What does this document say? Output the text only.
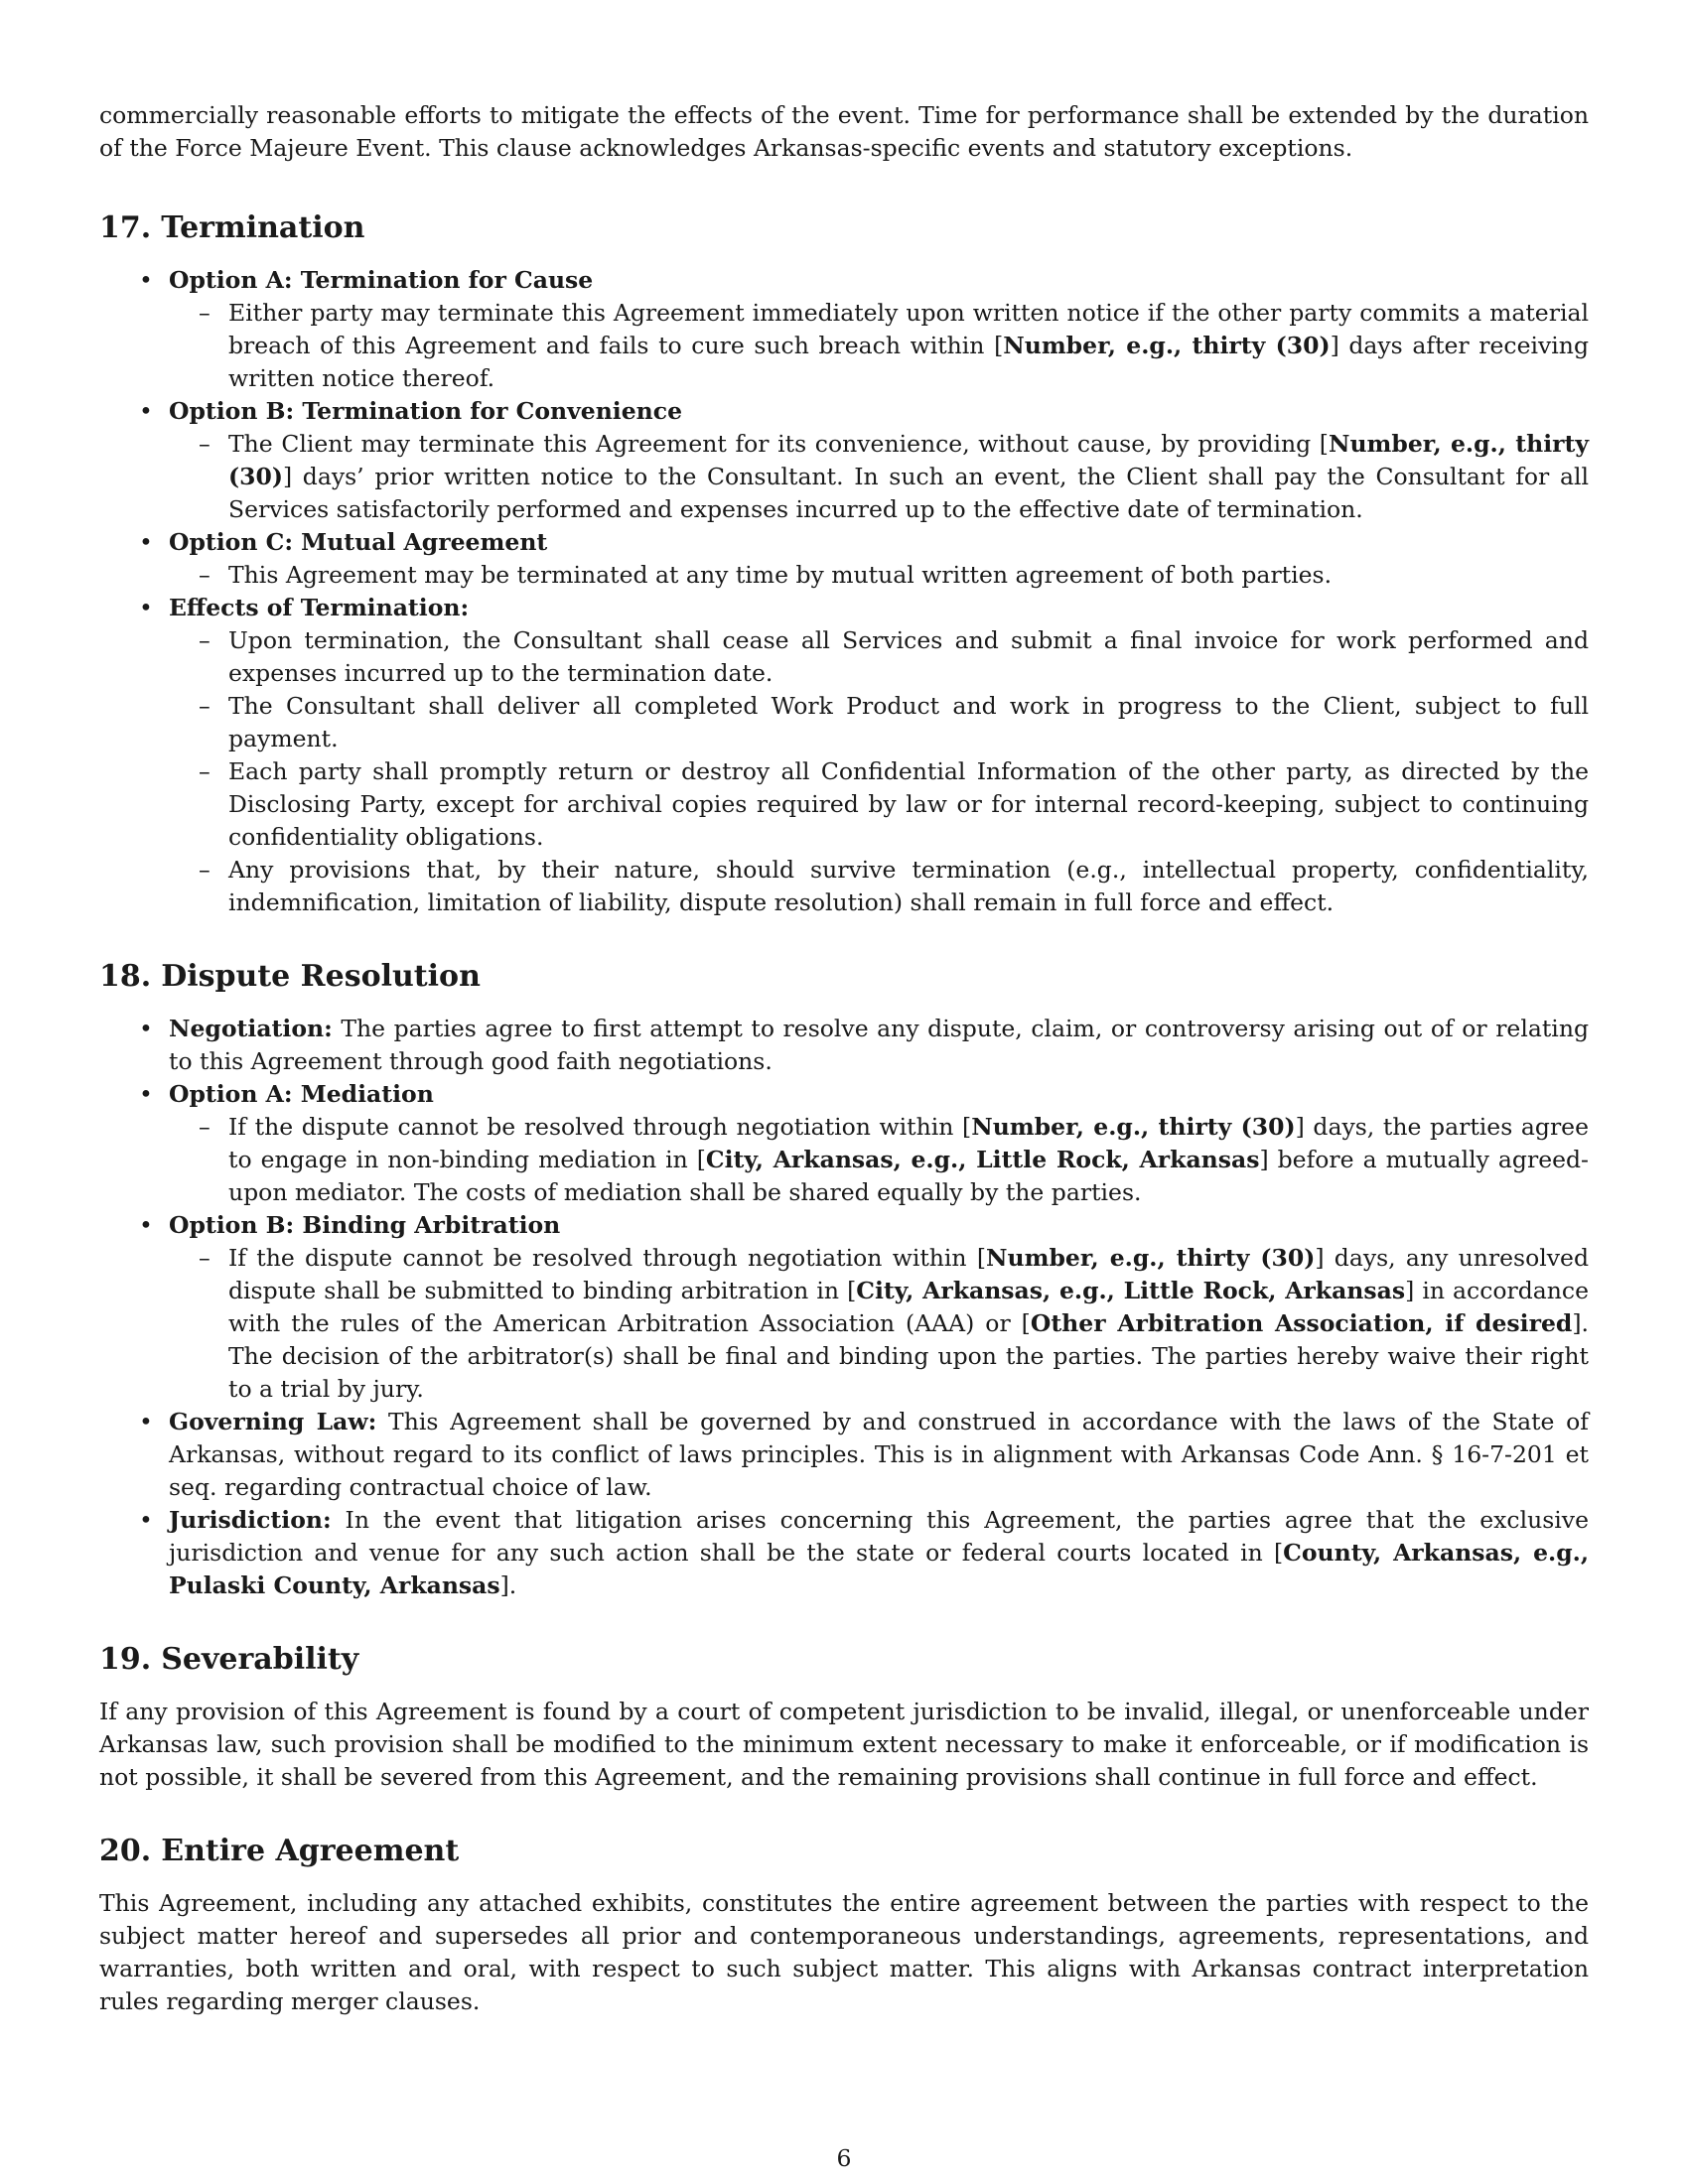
commercially reasonable efforts to mitigate the effects of the event. Time for performance shall be extended by the duration of the Force Majeure Event. This clause acknowledges Arkansas-specific events and statutory exceptions.

17. Termination
• Option A: Termination for Cause
– Either party may terminate this Agreement immediately upon written notice if the other party commits a material breach of this Agreement and fails to cure such breach within [Number, e.g., thirty (30)] days after receiving written notice thereof.
• Option B: Termination for Convenience
– The Client may terminate this Agreement for its convenience, without cause, by providing [Number, e.g., thirty (30)] days’ prior written notice to the Consultant. In such an event, the Client shall pay the Consultant for all Services satisfactorily performed and expenses incurred up to the effective date of termination.
• Option C: Mutual Agreement
– This Agreement may be terminated at any time by mutual written agreement of both parties.
• Effects of Termination:
– Upon termination, the Consultant shall cease all Services and submit a final invoice for work performed and expenses incurred up to the termination date.
– The Consultant shall deliver all completed Work Product and work in progress to the Client, subject to full payment.
– Each party shall promptly return or destroy all Confidential Information of the other party, as directed by the Disclosing Party, except for archival copies required by law or for internal record-keeping, subject to continuing confidentiality obligations.
– Any provisions that, by their nature, should survive termination (e.g., intellectual property, confidentiality, indemnification, limitation of liability, dispute resolution) shall remain in full force and effect.
18. Dispute Resolution
• Negotiation: The parties agree to first attempt to resolve any dispute, claim, or controversy arising out of or relating to this Agreement through good faith negotiations.
• Option A: Mediation
– If the dispute cannot be resolved through negotiation within [Number, e.g., thirty (30)] days, the parties agree to engage in non-binding mediation in [City, Arkansas, e.g., Little Rock, Arkansas] before a mutually agreed-upon mediator. The costs of mediation shall be shared equally by the parties.
• Option B: Binding Arbitration
– If the dispute cannot be resolved through negotiation within [Number, e.g., thirty (30)] days, any unresolved dispute shall be submitted to binding arbitration in [City, Arkansas, e.g., Little Rock, Arkansas] in accordance with the rules of the American Arbitration Association (AAA) or [Other Arbitration Association, if desired]. The decision of the arbitrator(s) shall be final and binding upon the parties. The parties hereby waive their right to a trial by jury.
• Governing Law: This Agreement shall be governed by and construed in accordance with the laws of the State of Arkansas, without regard to its conflict of laws principles. This is in alignment with Arkansas Code Ann. § 16-7-201 et seq. regarding contractual choice of law.
• Jurisdiction: In the event that litigation arises concerning this Agreement, the parties agree that the exclusive jurisdiction and venue for any such action shall be the state or federal courts located in [County, Arkansas, e.g., Pulaski County, Arkansas].
19. Severability

If any provision of this Agreement is found by a court of competent jurisdiction to be invalid, illegal, or unenforceable under Arkansas law, such provision shall be modified to the minimum extent necessary to make it enforceable, or if modification is not possible, it shall be severed from this Agreement, and the remaining provisions shall continue in full force and effect.

20. Entire Agreement

This Agreement, including any attached exhibits, constitutes the entire agreement between the parties with respect to the subject matter hereof and supersedes all prior and contemporaneous understandings, agreements, representations, and warranties, both written and oral, with respect to such subject matter. This aligns with Arkansas contract interpretation rules regarding merger clauses.

6
